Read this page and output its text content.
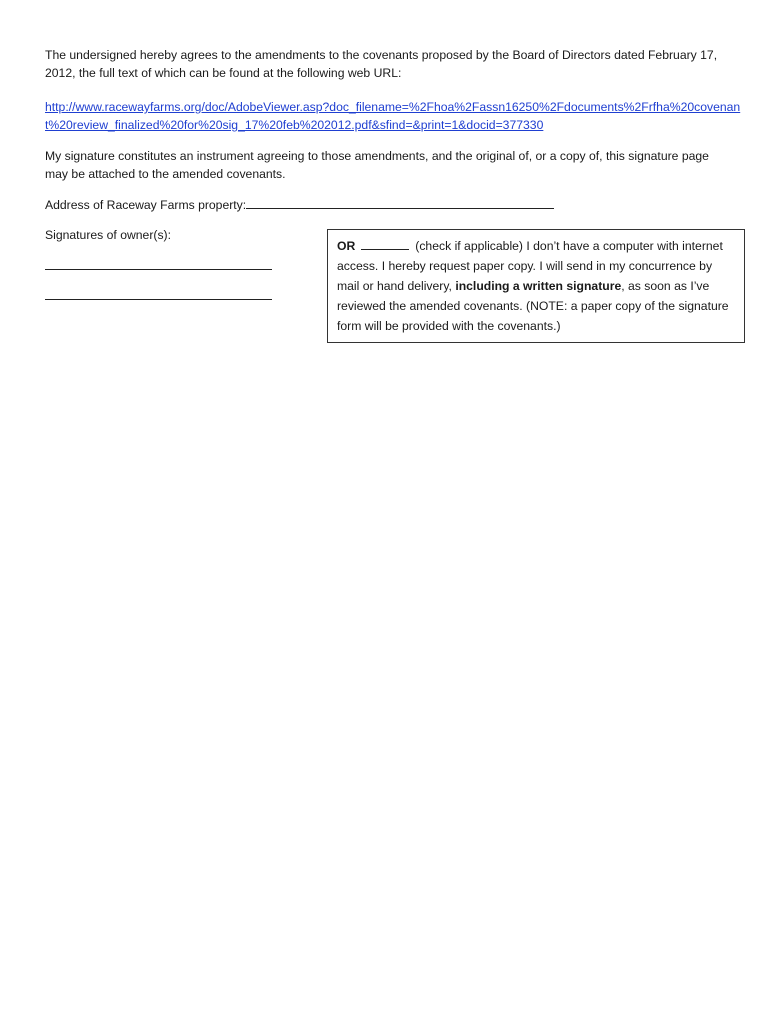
The undersigned hereby agrees to the amendments to the covenants proposed by the Board of Directors dated February 17, 2012, the full text of which can be found at the following web URL:

http://www.racewayfarms.org/doc/AdobeViewer.asp?doc_filename=%2Fhoa%2Fassn16250%2Fdocuments%2Frfha%20covenant%20review_finalized%20for%20sig_17%20feb%202012.pdf&sfind=&print=1&docid=377330

My signature constitutes an instrument agreeing to those amendments, and the original of, or a copy of, this signature page may be attached to the amended covenants.

Address of Raceway Farms property:
Signatures of owner(s):
OR	(check if applicable) I don’t have a computer with internet access. I hereby request paper copy. I will send in my concurrence by mail or hand delivery, including a written signature, as soon as I’ve reviewed the amended covenants. (NOTE: a paper copy of the signature form will be provided with the covenants.)
